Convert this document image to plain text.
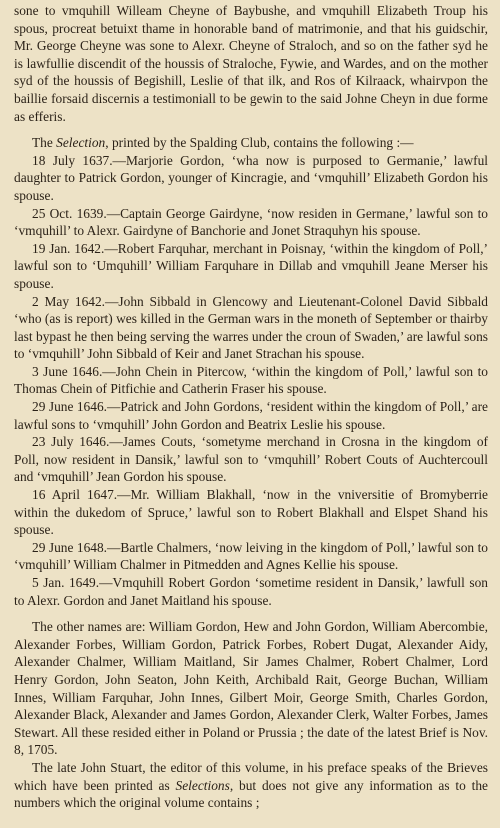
sone to vmquhill Willeam Cheyne of Baybushe, and vmquhill Elizabeth Troup his spous, procreat betuixt thame in honorable band of matrimonie, and that his guidschir, Mr. George Cheyne was sone to Alexr. Cheyne of Straloch, and so on the father syd he is lawfullie discendit of the houssis of Straloche, Fywie, and Wardes, and on the mother syd of the houssis of Begishill, Leslie of that ilk, and Ros of Kilraack, whairvpon the baillie forsaid discernis a testimoniall to be gewin to the said Johne Cheyn in due forme as efferis.

The Selection, printed by the Spalding Club, contains the following :—

18 July 1637.—Marjorie Gordon, ‘wha now is purposed to Germanie,’ lawful daughter to Patrick Gordon, younger of Kincragie, and ‘vmquhill’ Elizabeth Gordon his spouse.

25 Oct. 1639.—Captain George Gairdyne, ‘now residen in Germane,’ lawful son to ‘vmquhill’ to Alexr. Gairdyne of Banchorie and Jonet Straquhyn his spouse.

19 Jan. 1642.—Robert Farquhar, merchant in Poisnay, ‘within the kingdom of Poll,’ lawful son to ‘Umquhill’ William Farquhare in Dillab and vmquhill Jeane Merser his spouse.

2 May 1642.—John Sibbald in Glencowy and Lieutenant-Colonel David Sibbald ‘who (as is report) wes killed in the German wars in the moneth of September or thairby last bypast he then being serving the warres under the croun of Swaden,’ are lawful sons to ‘vmquhill’ John Sibbald of Keir and Janet Strachan his spouse.

3 June 1646.—John Chein in Pitercow, ‘within the kingdom of Poll,’ lawful son to Thomas Chein of Pitfichie and Catherin Fraser his spouse.

29 June 1646.—Patrick and John Gordons, ‘resident within the kingdom of Poll,’ are lawful sons to ‘vmquhill’ John Gordon and Beatrix Leslie his spouse.

23 July 1646.—James Couts, ‘sometyme merchand in Crosna in the kingdom of Poll, now resident in Dansik,’ lawful son to ‘vmquhill’ Robert Couts of Auchtercoull and ‘vmquhill’ Jean Gordon his spouse.

16 April 1647.—Mr. William Blakhall, ‘now in the vniversitie of Bromyberrie within the dukedom of Spruce,’ lawful son to Robert Blakhall and Elspet Shand his spouse.

29 June 1648.—Bartle Chalmers, ‘now leiving in the kingdom of Poll,’ lawful son to ‘vmquhill’ William Chalmer in Pitmedden and Agnes Kellie his spouse.

5 Jan. 1649.—Vmquhill Robert Gordon ‘sometime resident in Dansik,’ lawfull son to Alexr. Gordon and Janet Maitland his spouse.

The other names are: William Gordon, Hew and John Gordon, William Abercombie, Alexander Forbes, William Gordon, Patrick Forbes, Robert Dugat, Alexander Aidy, Alexander Chalmer, William Maitland, Sir James Chalmer, Robert Chalmer, Lord Henry Gordon, John Seaton, John Keith, Archibald Rait, George Buchan, William Innes, William Farquhar, John Innes, Gilbert Moir, George Smith, Charles Gordon, Alexander Black, Alexander and James Gordon, Alexander Clerk, Walter Forbes, James Stewart. All these resided either in Poland or Prussia ; the date of the latest Brief is Nov. 8, 1705.

The late John Stuart, the editor of this volume, in his preface speaks of the Brieves which have been printed as Selections, but does not give any information as to the numbers which the original volume contains ;
